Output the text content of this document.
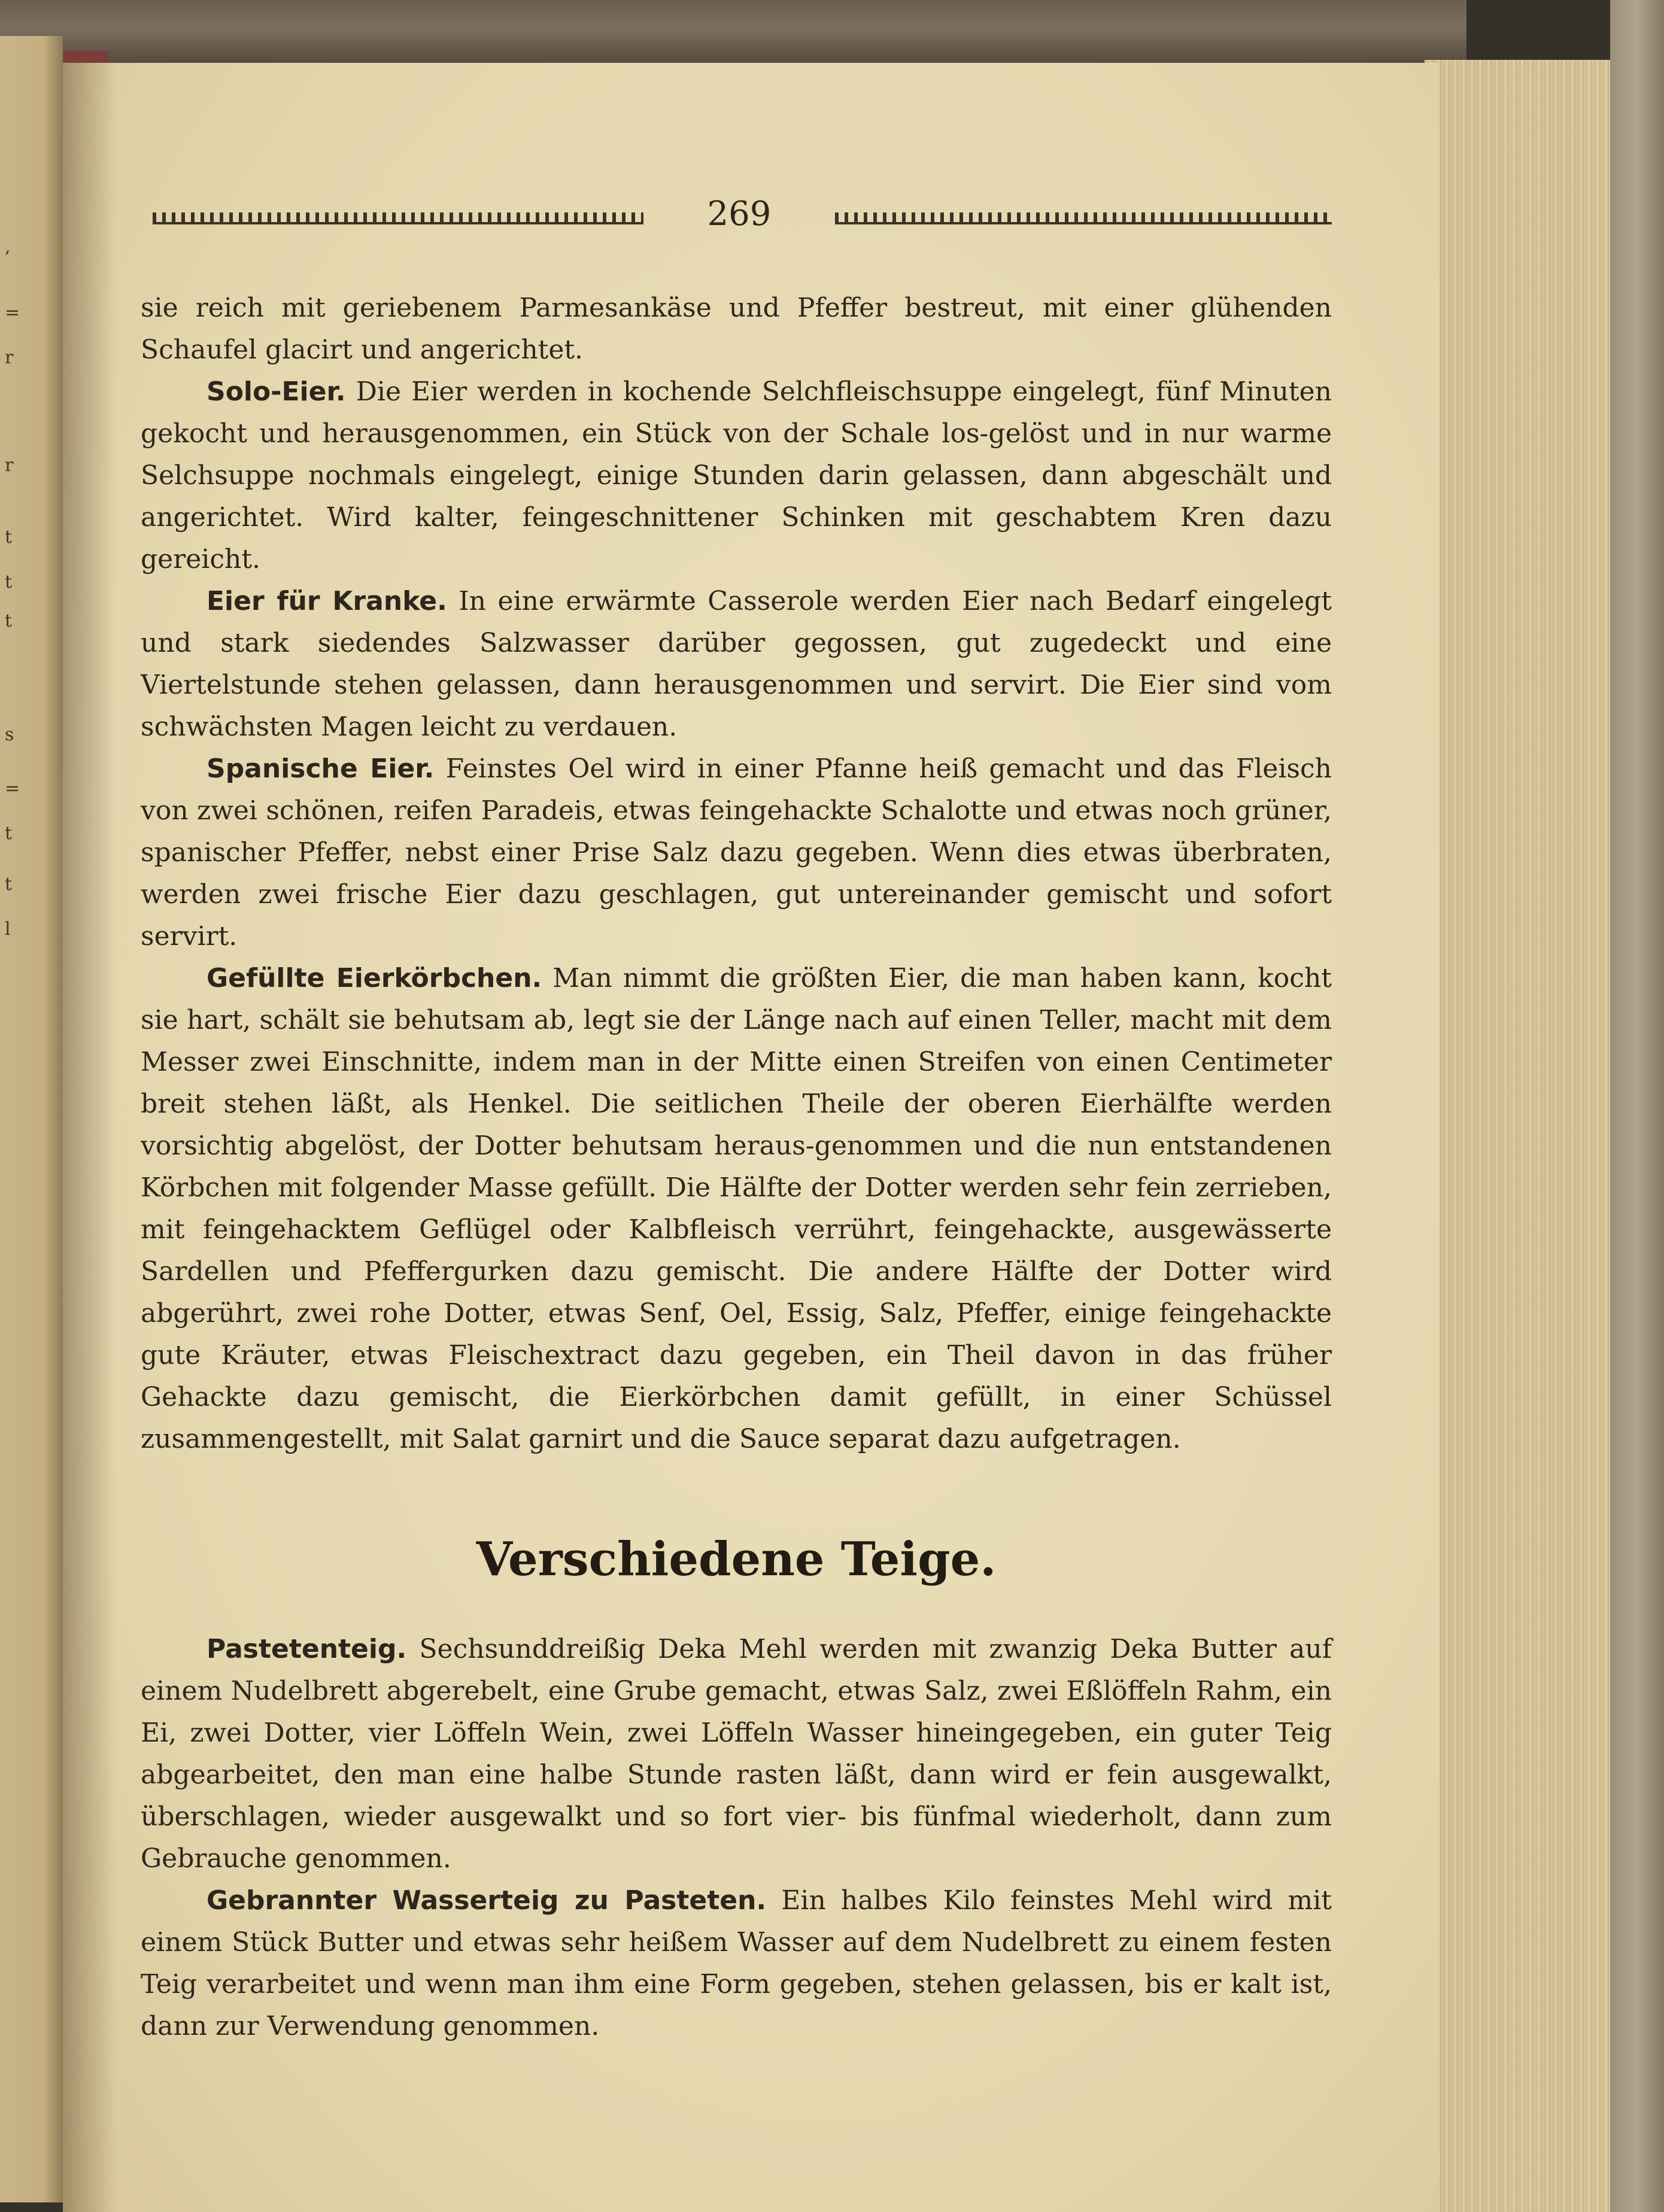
,
=
r
r
t
t
t
s
=
t
t
l
269

sie reich mit geriebenem Parmesankäse und Pfeffer bestreut, mit einer glühenden Schaufel glacirt und angerichtet.

Solo-Eier. Die Eier werden in kochende Selchfleischsuppe eingelegt, fünf Minuten gekocht und herausgenommen, ein Stück von der Schale los-gelöst und in nur warme Selchsuppe nochmals eingelegt, einige Stunden darin gelassen, dann abgeschält und angerichtet. Wird kalter, feingeschnittener Schinken mit geschabtem Kren dazu gereicht.

Eier für Kranke. In eine erwärmte Casserole werden Eier nach Bedarf eingelegt und stark siedendes Salzwasser darüber gegossen, gut zugedeckt und eine Viertelstunde stehen gelassen, dann herausgenommen und servirt. Die Eier sind vom schwächsten Magen leicht zu verdauen.

Spanische Eier. Feinstes Oel wird in einer Pfanne heiß gemacht und das Fleisch von zwei schönen, reifen Paradeis, etwas feingehackte Schalotte und etwas noch grüner, spanischer Pfeffer, nebst einer Prise Salz dazu gegeben. Wenn dies etwas überbraten, werden zwei frische Eier dazu geschlagen, gut untereinander gemischt und sofort servirt.

Gefüllte Eierkörbchen. Man nimmt die größten Eier, die man haben kann, kocht sie hart, schält sie behutsam ab, legt sie der Länge nach auf einen Teller, macht mit dem Messer zwei Einschnitte, indem man in der Mitte einen Streifen von einen Centimeter breit stehen läßt, als Henkel. Die seitlichen Theile der oberen Eierhälfte werden vorsichtig abgelöst, der Dotter behutsam heraus-genommen und die nun entstandenen Körbchen mit folgender Masse gefüllt. Die Hälfte der Dotter werden sehr fein zerrieben, mit feingehacktem Geflügel oder Kalbfleisch verrührt, feingehackte, ausgewässerte Sardellen und Pfeffergurken dazu gemischt. Die andere Hälfte der Dotter wird abgerührt, zwei rohe Dotter, etwas Senf, Oel, Essig, Salz, Pfeffer, einige feingehackte gute Kräuter, etwas Fleischextract dazu gegeben, ein Theil davon in das früher Gehackte dazu gemischt, die Eierkörbchen damit gefüllt, in einer Schüssel zusammengestellt, mit Salat garnirt und die Sauce separat dazu aufgetragen.

Verschiedene Teige.

Pastetenteig. Sechsunddreißig Deka Mehl werden mit zwanzig Deka Butter auf einem Nudelbrett abgerebelt, eine Grube gemacht, etwas Salz, zwei Eßlöffeln Rahm, ein Ei, zwei Dotter, vier Löffeln Wein, zwei Löffeln Wasser hineingegeben, ein guter Teig abgearbeitet, den man eine halbe Stunde rasten läßt, dann wird er fein ausgewalkt, überschlagen, wieder ausgewalkt und so fort vier- bis fünfmal wiederholt, dann zum Gebrauche genommen.

Gebrannter Wasserteig zu Pasteten. Ein halbes Kilo feinstes Mehl wird mit einem Stück Butter und etwas sehr heißem Wasser auf dem Nudelbrett zu einem festen Teig verarbeitet und wenn man ihm eine Form gegeben, stehen gelassen, bis er kalt ist, dann zur Verwendung genommen.
